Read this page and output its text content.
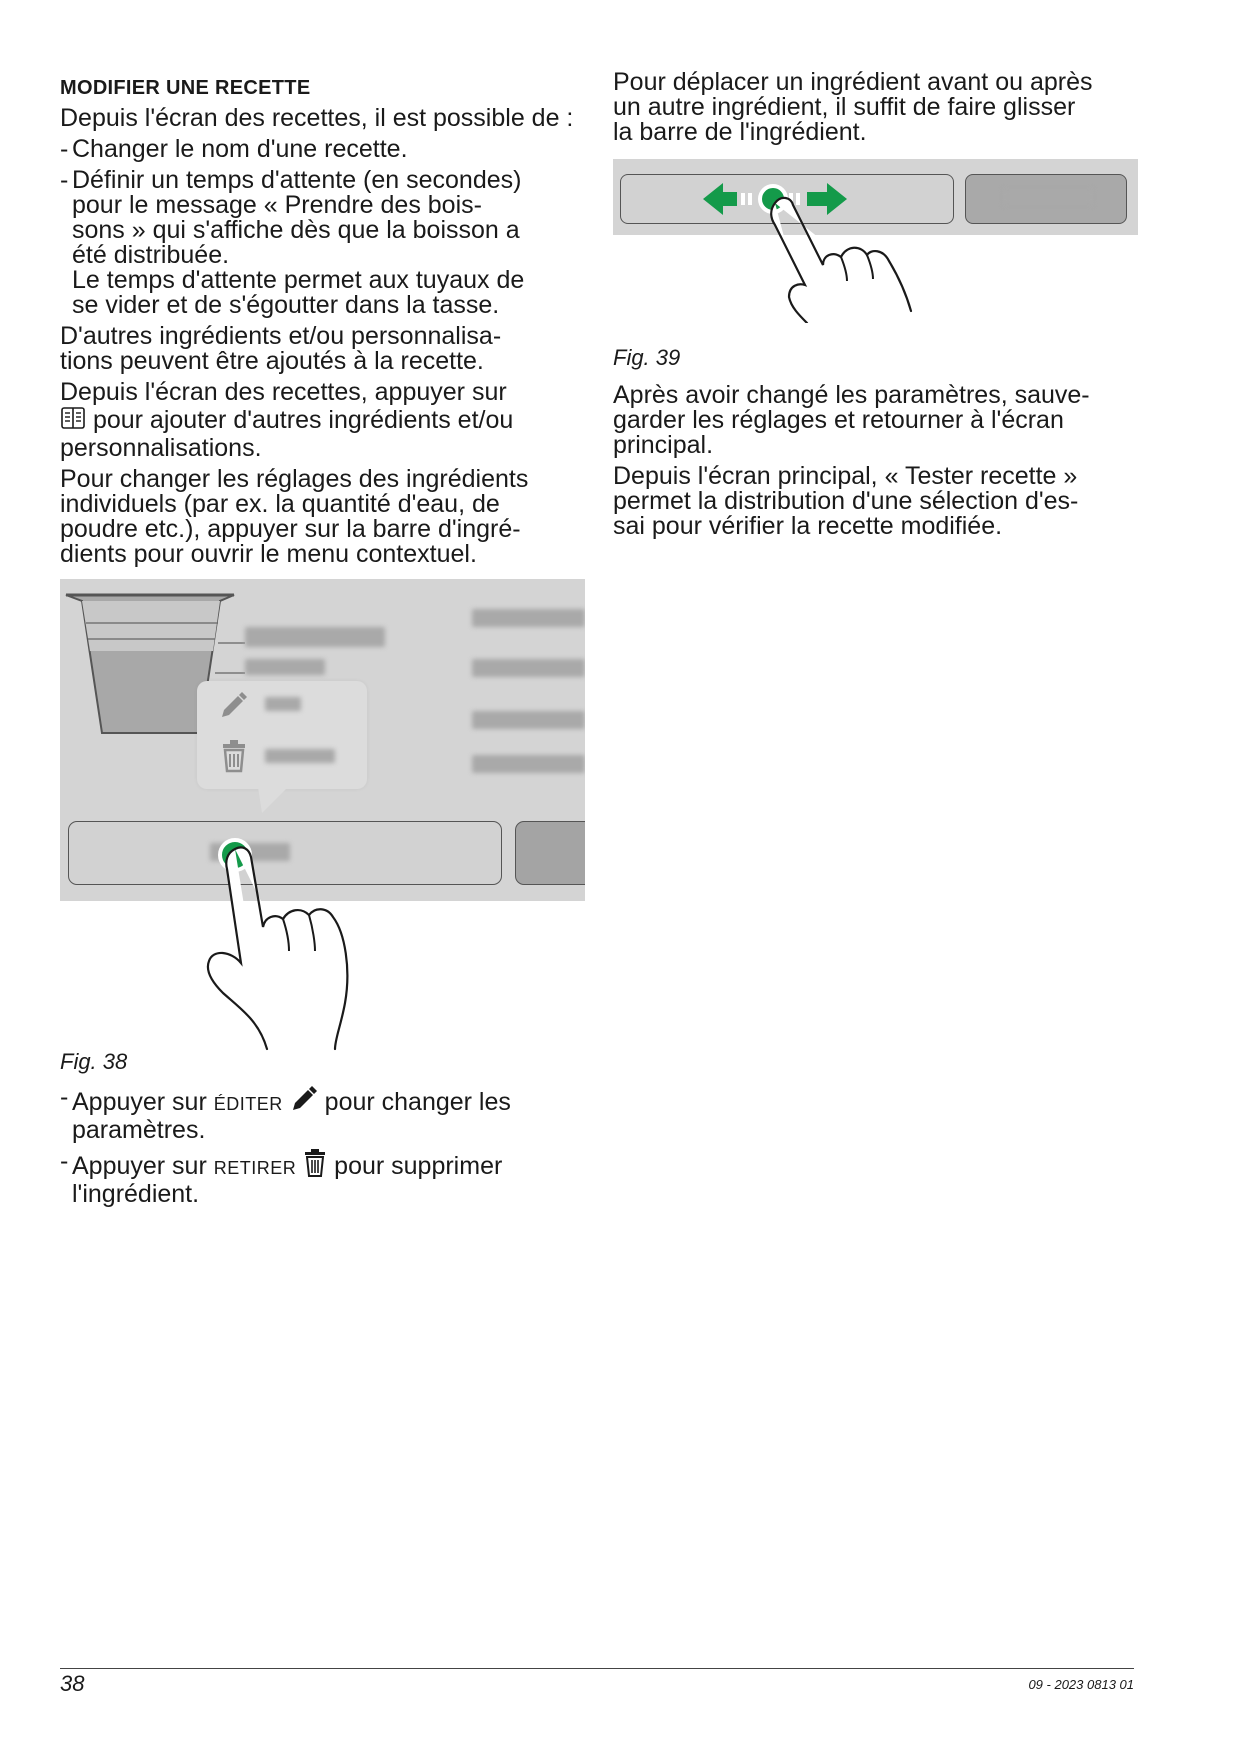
MODIFIER UNE RECETTE

Depuis l'écran des recettes, il est possible de :

- Changer le nom d'une recette.
- Définir un temps d'attente (en secondes)
pour le message « Prendre des bois-
sons » qui s'affiche dès que la boisson a
été distribuée.
Le temps d'attente permet aux tuyaux de
se vider et de s'égoutter dans la tasse.

D'autres ingrédients et/ou personnalisa-
tions peuvent être ajoutés à la recette.

Depuis l'écran des recettes, appuyer sur
pour ajouter d'autres ingrédients et/ou
personnalisations.

Pour changer les réglages des ingrédients
individuels (par ex. la quantité d'eau, de
poudre etc.), appuyer sur la barre d'ingré-
dients pour ouvrir le menu contextuel.

Fig. 38

- Appuyer sur ÉDITER  pour changer les
paramètres.
- Appuyer sur RETIRER  pour supprimer
l'ingrédient.

Pour déplacer un ingrédient avant ou après
un autre ingrédient, il suffit de faire glisser
la barre de l'ingrédient.

Fig. 39

Après avoir changé les paramètres, sauve-
garder les réglages et retourner à l'écran
principal.

Depuis l'écran principal, « Tester recette »
permet la distribution d'une sélection d'es-
sai pour vérifier la recette modifiée.

38	09 - 2023 0813 01
